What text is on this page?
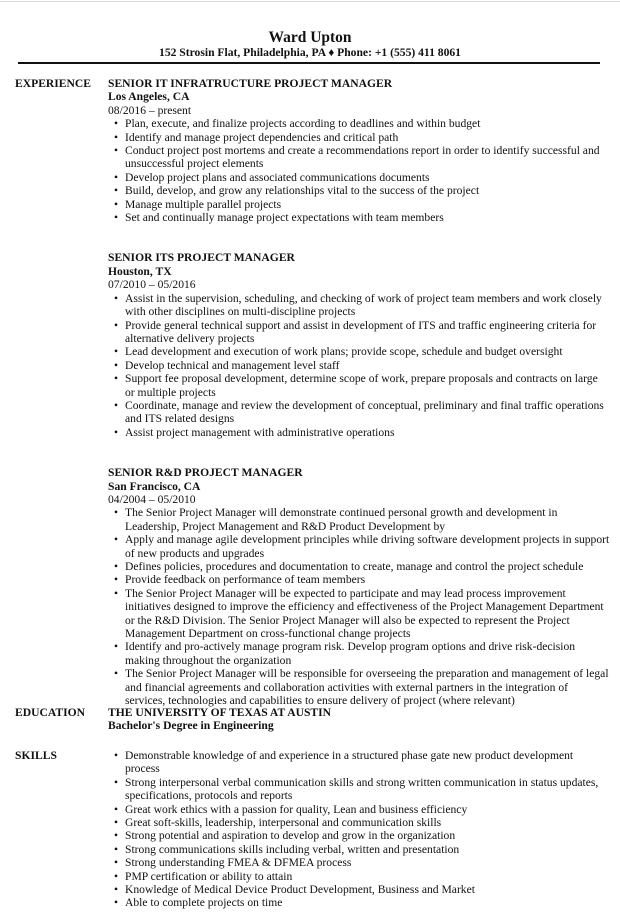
Ward Upton
152 Strosin Flat, Philadelphia, PA ♦ Phone: +1 (555) 411 8061
EXPERIENCE SENIOR IT INFRATRUCTURE PROJECT MANAGER
Los Angeles, CA
08/2016 – present
• Plan, execute, and finalize projects according to deadlines and within budget
• Identify and manage project dependencies and critical path
• Conduct project post mortems and create a recommendations report in order to identify successful and unsuccessful project elements
• Develop project plans and associated communications documents
• Build, develop, and grow any relationships vital to the success of the project
• Manage multiple parallel projects
• Set and continually manage project expectations with team members
SENIOR ITS PROJECT MANAGER
Houston, TX
07/2010 – 05/2016
• Assist in the supervision, scheduling, and checking of work of project team members and work closely with other disciplines on multi-discipline projects
• Provide general technical support and assist in development of ITS and traffic engineering criteria for alternative delivery projects
• Lead development and execution of work plans; provide scope, schedule and budget oversight
• Develop technical and management level staff
• Support fee proposal development, determine scope of work, prepare proposals and contracts on large or multiple projects
• Coordinate, manage and review the development of conceptual, preliminary and final traffic operations and ITS related designs
• Assist project management with administrative operations
SENIOR R&D PROJECT MANAGER
San Francisco, CA
04/2004 – 05/2010
• The Senior Project Manager will demonstrate continued personal growth and development in Leadership, Project Management and R&D Product Development by
• Apply and manage agile development principles while driving software development projects in support of new products and upgrades
• Defines policies, procedures and documentation to create, manage and control the project schedule
• Provide feedback on performance of team members
• The Senior Project Manager will be expected to participate and may lead process improvement initiatives designed to improve the efficiency and effectiveness of the Project Management Department or the R&D Division. The Senior Project Manager will also be expected to represent the Project Management Department on cross-functional change projects
• Identify and pro-actively manage program risk. Develop program options and drive risk-decision making throughout the organization
• The Senior Project Manager will be responsible for overseeing the preparation and management of legal and financial agreements and collaboration activities with external partners in the integration of services, technologies and capabilities to ensure delivery of project (where relevant)
EDUCATION THE UNIVERSITY OF TEXAS AT AUSTIN
Bachelor's Degree in Engineering
SKILLS	• Demonstrable knowledge of and experience in a structured phase gate new product development process
• Strong interpersonal verbal communication skills and strong written communication in status updates, specifications, protocols and reports
• Great work ethics with a passion for quality, Lean and business efficiency
• Great soft-skills, leadership, interpersonal and communication skills
• Strong potential and aspiration to develop and grow in the organization
• Strong communications skills including verbal, written and presentation
• Strong understanding FMEA & DFMEA process
• PMP certification or ability to attain
• Knowledge of Medical Device Product Development, Business and Market
• Able to complete projects on time
